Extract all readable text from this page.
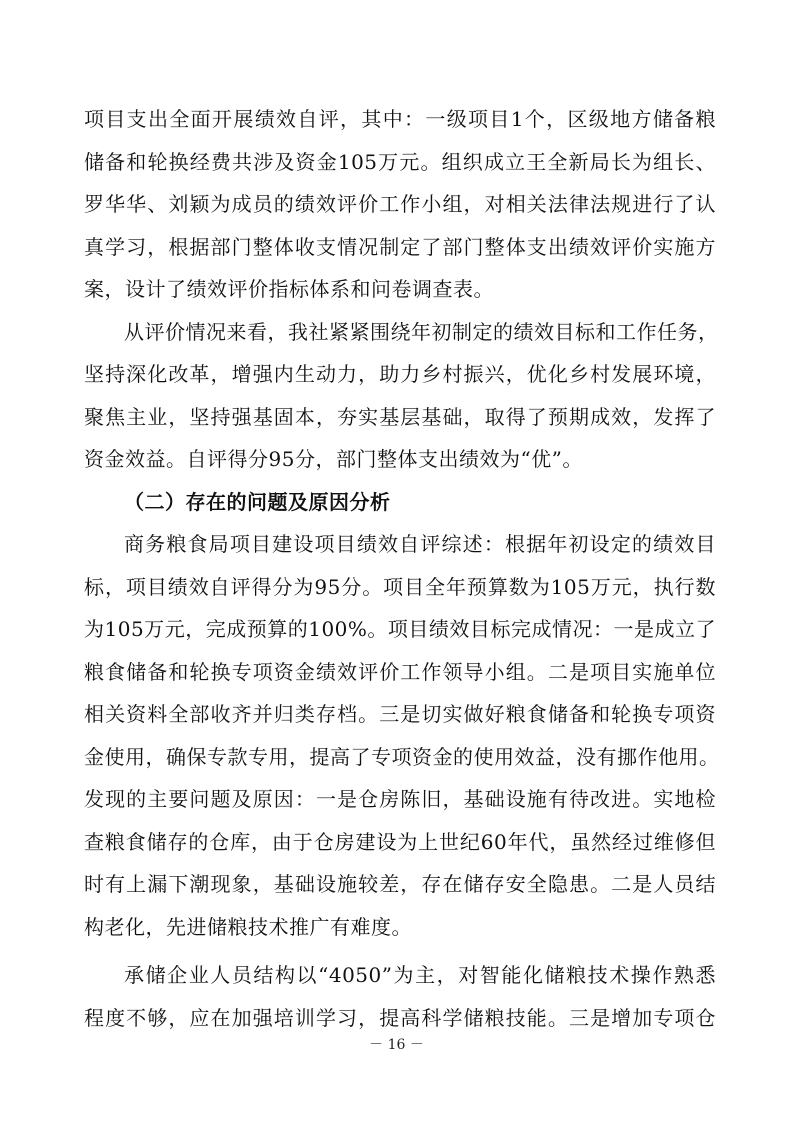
项目支出全面开展绩效自评，其中：一级项目1个，区级地方储备粮
储备和轮换经费共涉及资金105万元。组织成立王全新局长为组长、
罗华华、刘颖为成员的绩效评价工作小组，对相关法律法规进行了认
真学习，根据部门整体收支情况制定了部门整体支出绩效评价实施方
案，设计了绩效评价指标体系和问卷调查表。
从评价情况来看，我社紧紧围绕年初制定的绩效目标和工作任务，
坚持深化改革，增强内生动力，助力乡村振兴，优化乡村发展环境，
聚焦主业，坚持强基固本，夯实基层基础，取得了预期成效，发挥了
资金效益。自评得分95分，部门整体支出绩效为“优”。
（二）存在的问题及原因分析
商务粮食局项目建设项目绩效自评综述：根据年初设定的绩效目
标，项目绩效自评得分为95分。项目全年预算数为105万元，执行数
为105万元，完成预算的100%。项目绩效目标完成情况：一是成立了
粮食储备和轮换专项资金绩效评价工作领导小组。二是项目实施单位
相关资料全部收齐并归类存档。三是切实做好粮食储备和轮换专项资
金使用，确保专款专用，提高了专项资金的使用效益，没有挪作他用。
发现的主要问题及原因：一是仓房陈旧，基础设施有待改进。实地检
查粮食储存的仓库，由于仓房建设为上世纪60年代，虽然经过维修但
时有上漏下潮现象，基础设施较差，存在储存安全隐患。二是人员结
构老化，先进储粮技术推广有难度。
承储企业人员结构以“4050”为主，对智能化储粮技术操作熟悉
程度不够，应在加强培训学习，提高科学储粮技能。三是增加专项仓
－ 16 －
